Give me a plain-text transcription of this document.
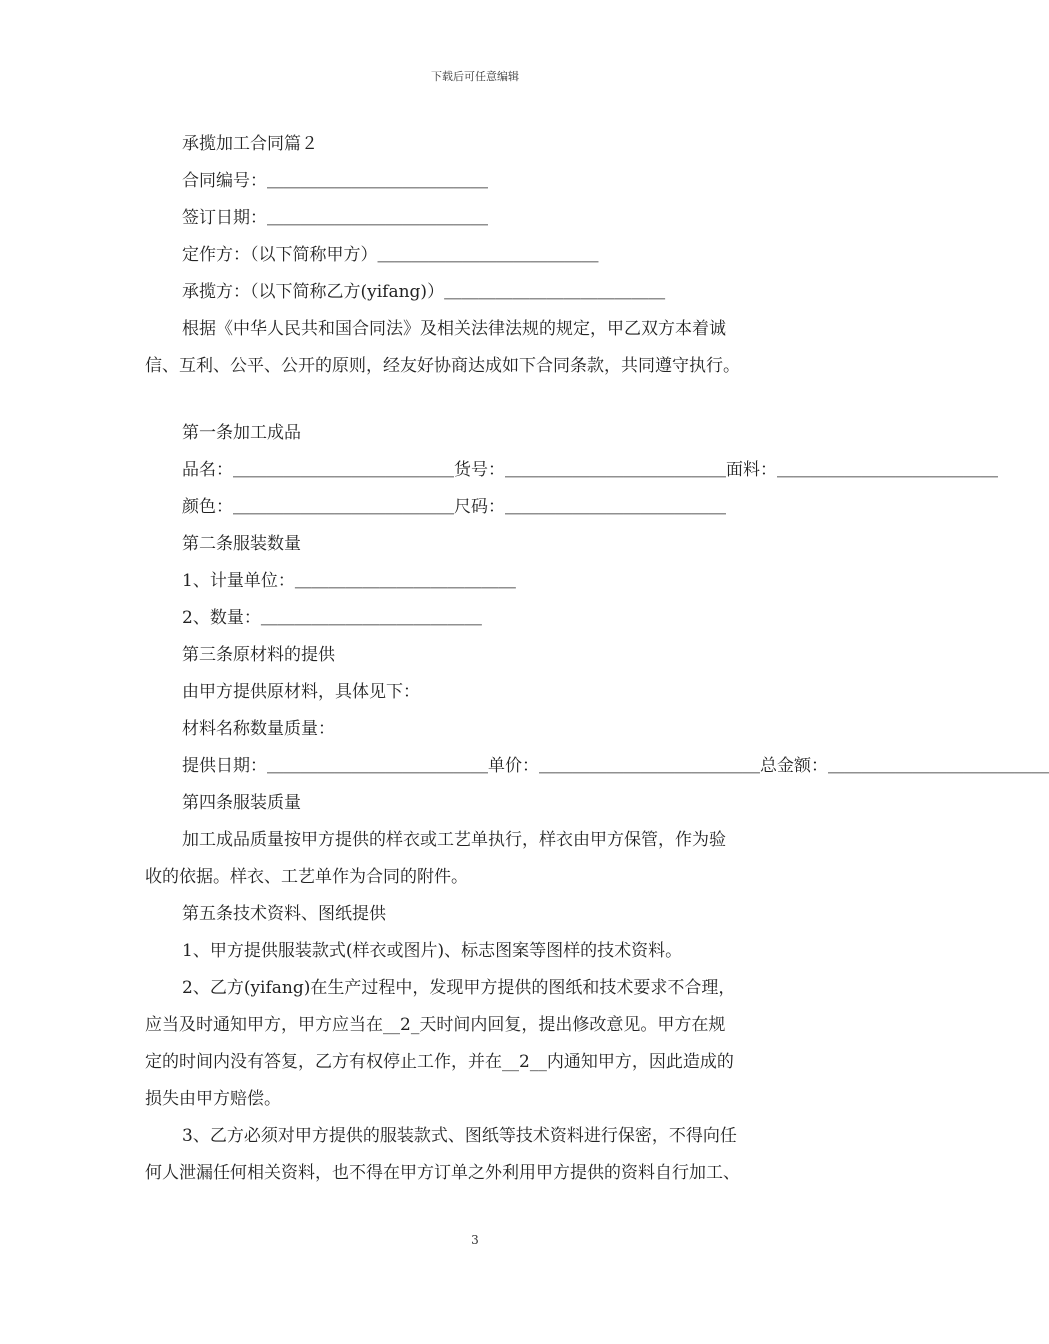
下载后可任意编辑
承揽加工合同篇２
合同编号：＿＿＿＿＿＿＿＿＿＿＿＿＿
签订日期：＿＿＿＿＿＿＿＿＿＿＿＿＿
定作方：（以下简称甲方）＿＿＿＿＿＿＿＿＿＿＿＿＿
承揽方：（以下简称乙方(yifang)）＿＿＿＿＿＿＿＿＿＿＿＿＿
根据《中华人民共和国合同法》及相关法律法规的规定，甲乙双方本着诚
信、互利、公平、公开的原则，经友好协商达成如下合同条款，共同遵守执行。
第一条加工成品
品名：＿＿＿＿＿＿＿＿＿＿＿＿＿货号：＿＿＿＿＿＿＿＿＿＿＿＿＿面料：＿＿＿＿＿＿＿＿＿＿＿＿＿
颜色：＿＿＿＿＿＿＿＿＿＿＿＿＿尺码：＿＿＿＿＿＿＿＿＿＿＿＿＿
第二条服装数量
1、计量单位：＿＿＿＿＿＿＿＿＿＿＿＿＿
2、数量：＿＿＿＿＿＿＿＿＿＿＿＿＿
第三条原材料的提供
由甲方提供原材料，具体见下：
材料名称数量质量：
提供日期：＿＿＿＿＿＿＿＿＿＿＿＿＿单价：＿＿＿＿＿＿＿＿＿＿＿＿＿总金额：＿＿＿＿＿＿＿＿＿＿＿＿＿
第四条服装质量
加工成品质量按甲方提供的样衣或工艺单执行，样衣由甲方保管，作为验
收的依据。样衣、工艺单作为合同的附件。
第五条技术资料、图纸提供
1、甲方提供服装款式(样衣或图片)、标志图案等图样的技术资料。
2、乙方(yifang)在生产过程中，发现甲方提供的图纸和技术要求不合理，
应当及时通知甲方，甲方应当在__2_天时间内回复，提出修改意见。甲方在规
定的时间内没有答复，乙方有权停止工作，并在__2__内通知甲方，因此造成的
损失由甲方赔偿。
3、乙方必须对甲方提供的服装款式、图纸等技术资料进行保密，不得向任
何人泄漏任何相关资料，也不得在甲方订单之外利用甲方提供的资料自行加工、
3
